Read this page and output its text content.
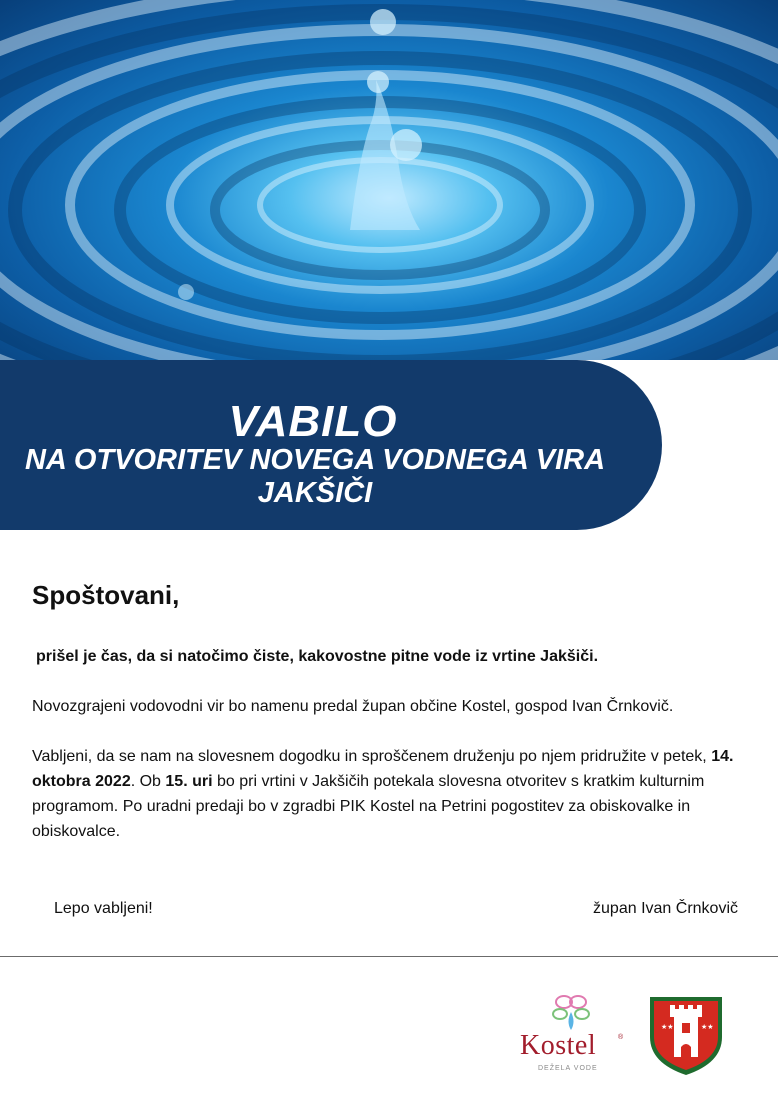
VABILO
NA OTVORITEV NOVEGA VODNEGA VIRA JAKŠIČI
Spoštovani,

prišel je čas, da si natočimo čiste, kakovostne pitne vode iz vrtine Jakšiči.

Novozgrajeni vodovodni vir bo namenu predal župan občine Kostel, gospod Ivan Črnkovič.

Vabljeni, da se nam na slovesnem dogodku in sproščenem druženju po njem pridružite v petek, 14. oktobra 2022. Ob 15. uri bo pri vrtini v Jakšičih potekala slovesna otvoritev s kratkim kulturnim programom. Po uradni predaji bo v zgradbi PIK Kostel na Petrini pogostitev za obiskovalke in obiskovalce.

Lepo vabljeni!	župan Ivan Črnkovič
Kostel	®
DEŽELA VODE
★★	★★
